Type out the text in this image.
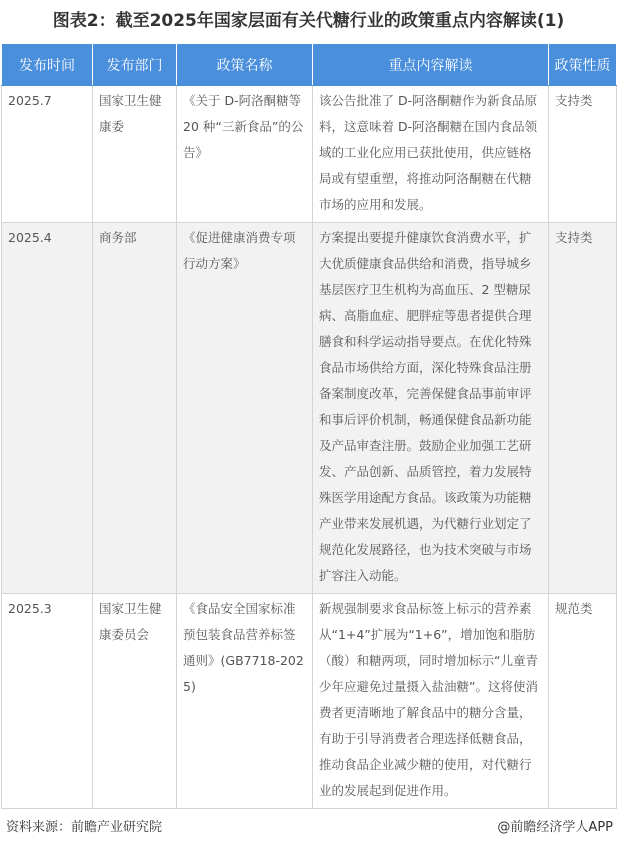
图表2：截至2025年国家层面有关代糖行业的政策重点内容解读(1)
发布时间	发布部门	政策名称	重点内容解读	政策性质
2025.7	国家卫生健康委	《关于 D-阿洛酮糖等 20 种“三新食品”的公告》	该公告批准了 D-阿洛酮糖作为新食品原料，这意味着 D-阿洛酮糖在国内食品领域的工业化应用已获批使用，供应链格局或有望重塑，将推动阿洛酮糖在代糖市场的应用和发展。	支持类
2025.4	商务部	《促进健康消费专项行动方案》	方案提出要提升健康饮食消费水平，扩大优质健康食品供给和消费，指导城乡基层医疗卫生机构为高血压、2 型糖尿病、高脂血症、肥胖症等患者提供合理膳食和科学运动指导要点。在优化特殊食品市场供给方面，深化特殊食品注册备案制度改革，完善保健食品事前审评和事后评价机制，畅通保健食品新功能及产品审查注册。鼓励企业加强工艺研发、产品创新、品质管控，着力发展特殊医学用途配方食品。该政策为功能糖产业带来发展机遇，为代糖行业划定了规范化发展路径，也为技术突破与市场扩容注入动能。	支持类
2025.3	国家卫生健康委员会	《食品安全国家标准预包装食品营养标签通则》(GB7718-2025)	新规强制要求食品标签上标示的营养素从“1+4”扩展为“1+6”，增加饱和脂肪（酸）和糖两项，同时增加标示“儿童青少年应避免过量摄入盐油糖”。这将使消费者更清晰地了解食品中的糖分含量，有助于引导消费者合理选择低糖食品，推动食品企业减少糖的使用，对代糖行业的发展起到促进作用。	规范类
资料来源：前瞻产业研究院	@前瞻经济学人APP
